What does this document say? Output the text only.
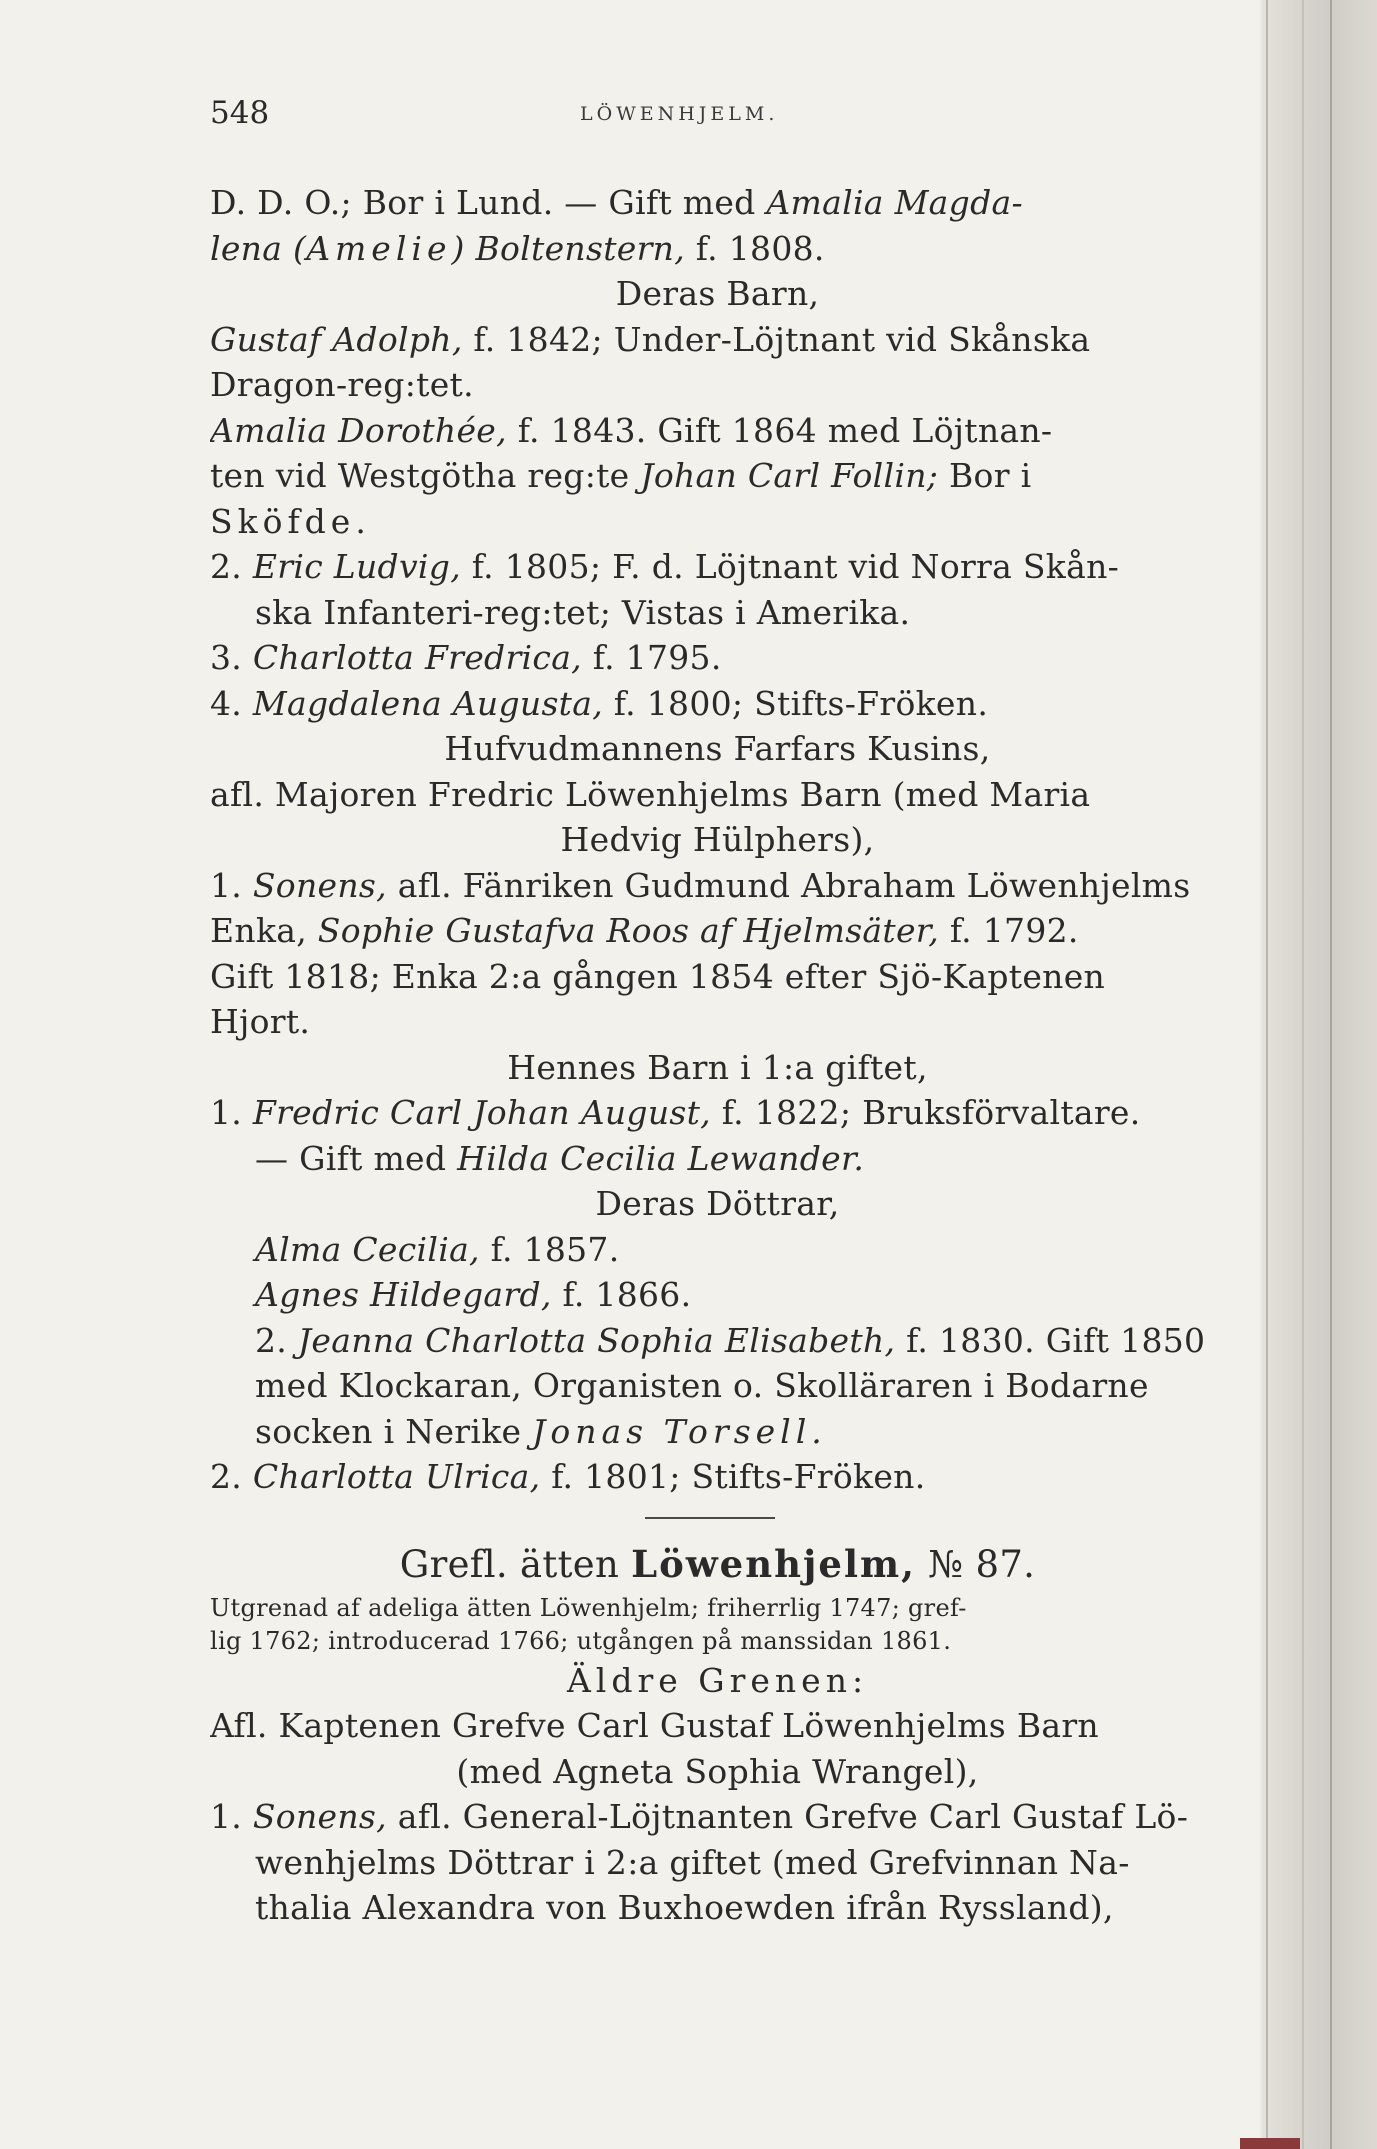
548	LÖWENHJELM.
D. D. O.; Bor i Lund. — Gift med Amalia Magda-
lena (Amelie) Boltenstern, f. 1808.
Deras Barn,
Gustaf Adolph, f. 1842; Under-Löjtnant vid Skånska
Dragon-reg:tet.
Amalia Dorothée, f. 1843. Gift 1864 med Löjtnan-
ten vid Westgötha reg:te Johan Carl Follin; Bor i
Sköfde.
2. Eric Ludvig, f. 1805; F. d. Löjtnant vid Norra Skån-
ska Infanteri-reg:tet; Vistas i Amerika.
3. Charlotta Fredrica, f. 1795.
4. Magdalena Augusta, f. 1800; Stifts-Fröken.
Hufvudmannens Farfars Kusins,
afl. Majoren Fredric Löwenhjelms Barn (med Maria
Hedvig Hülphers),
1. Sonens, afl. Fänriken Gudmund Abraham Löwenhjelms
Enka, Sophie Gustafva Roos af Hjelmsäter, f. 1792.
Gift 1818; Enka 2:a gången 1854 efter Sjö-Kaptenen
Hjort.
Hennes Barn i 1:a giftet,
1. Fredric Carl Johan August, f. 1822; Bruksförvaltare.
— Gift med Hilda Cecilia Lewander.
Deras Döttrar,
Alma Cecilia, f. 1857.
Agnes Hildegard, f. 1866.
2. Jeanna Charlotta Sophia Elisabeth, f. 1830. Gift 1850
med Klockaran, Organisten o. Skolläraren i Bodarne
socken i Nerike Jonas Torsell.
2. Charlotta Ulrica, f. 1801; Stifts-Fröken.
Grefl. ätten Löwenhjelm, № 87.
Utgrenad af adeliga ätten Löwenhjelm; friherrlig 1747; gref-
lig 1762; introducerad 1766; utgången på manssidan 1861.
Äldre Grenen:
Afl. Kaptenen Grefve Carl Gustaf Löwenhjelms Barn
(med Agneta Sophia Wrangel),
1. Sonens, afl. General-Löjtnanten Grefve Carl Gustaf Lö-
wenhjelms Döttrar i 2:a giftet (med Grefvinnan Na-
thalia Alexandra von Buxhoewden ifrån Ryssland),
